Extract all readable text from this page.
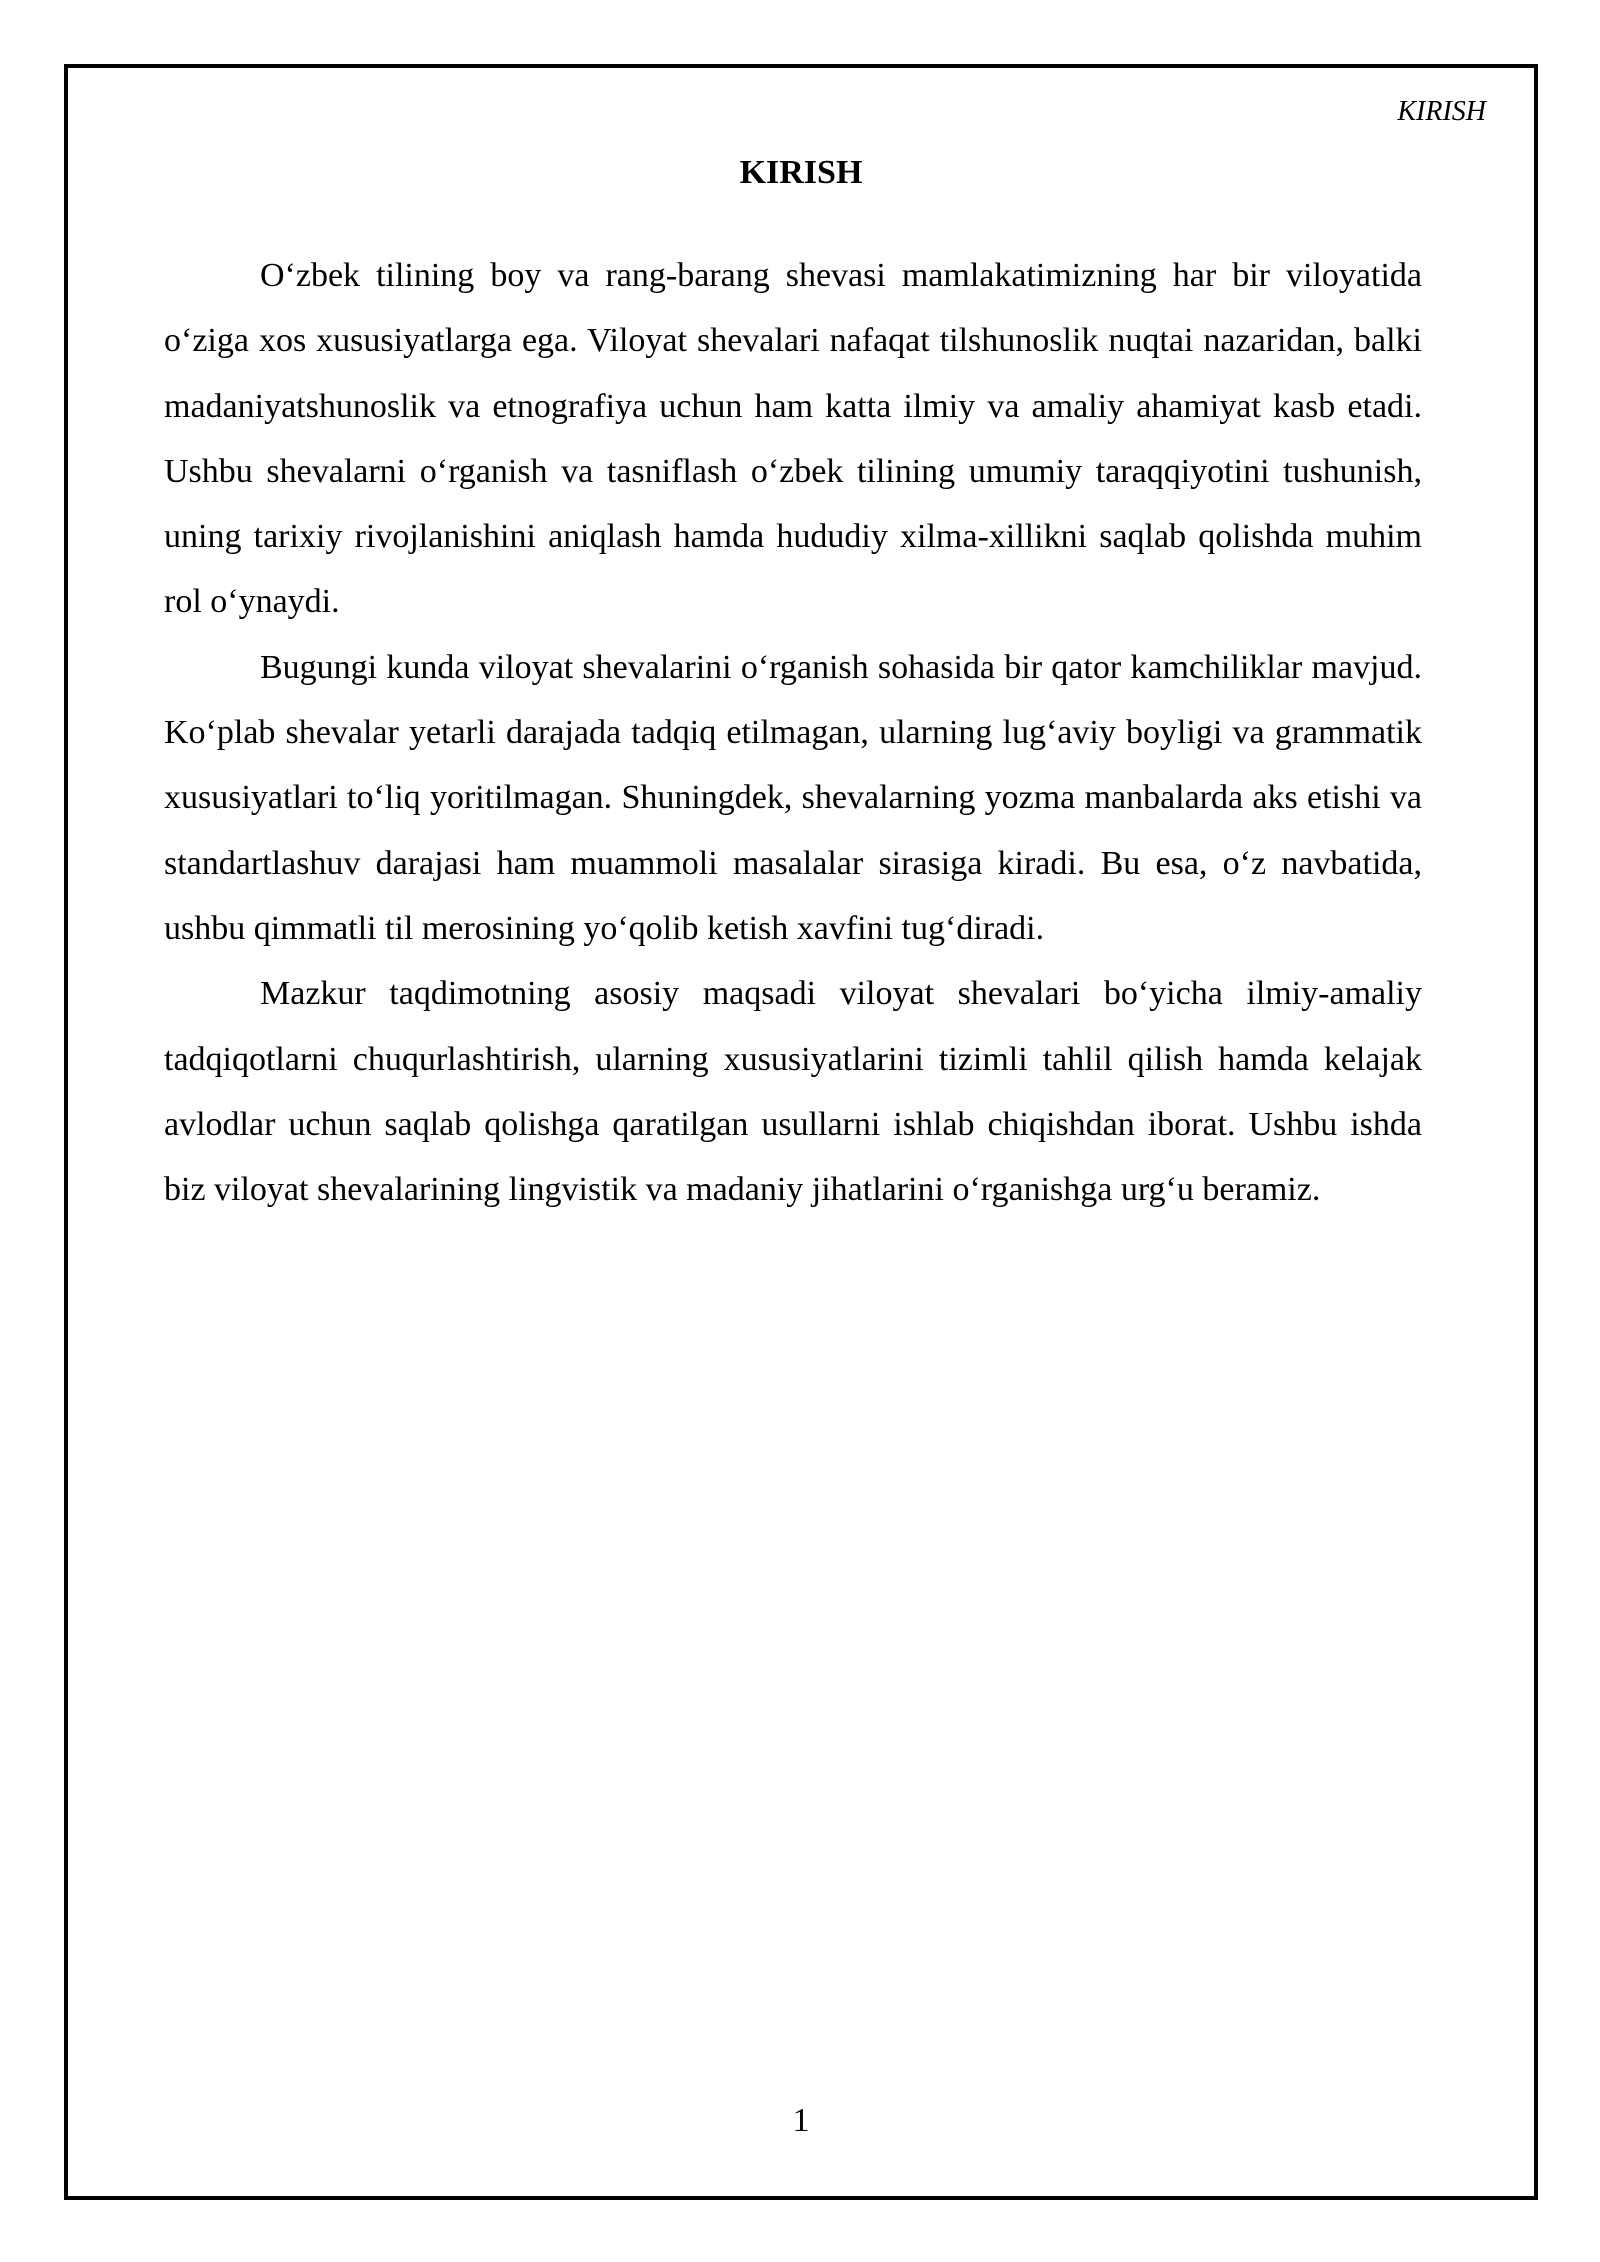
KIRISH
KIRISH
1

O‘zbek tilining boy va rang-barang shevasi mamlakatimizning har bir viloyatida o‘ziga xos xususiyatlarga ega. Viloyat shevalari nafaqat tilshunoslik nuqtai nazaridan, balki madaniyatshunoslik va etnografiya uchun ham katta ilmiy va amaliy ahamiyat kasb etadi. Ushbu shevalarni o‘rganish va tasniflash o‘zbek tilining umumiy taraqqiyotini tushunish, uning tarixiy rivojlanishini aniqlash hamda hududiy xilma-xillikni saqlab qolishda muhim rol o‘ynaydi.

Bugungi kunda viloyat shevalarini o‘rganish sohasida bir qator kamchiliklar mavjud. Ko‘plab shevalar yetarli darajada tadqiq etilmagan, ularning lug‘aviy boyligi va grammatik xususiyatlari to‘liq yoritilmagan. Shuningdek, shevalarning yozma manbalarda aks etishi va standartlashuv darajasi ham muammoli masalalar sirasiga kiradi. Bu esa, o‘z navbatida, ushbu qimmatli til merosining yo‘qolib ketish xavfini tug‘diradi.

Mazkur taqdimotning asosiy maqsadi viloyat shevalari bo‘yicha ilmiy-amaliy tadqiqotlarni chuqurlashtirish, ularning xususiyatlarini tizimli tahlil qilish hamda kelajak avlodlar uchun saqlab qolishga qaratilgan usullarni ishlab chiqishdan iborat. Ushbu ishda biz viloyat shevalarining lingvistik va madaniy jihatlarini o‘rganishga urg‘u beramiz.
